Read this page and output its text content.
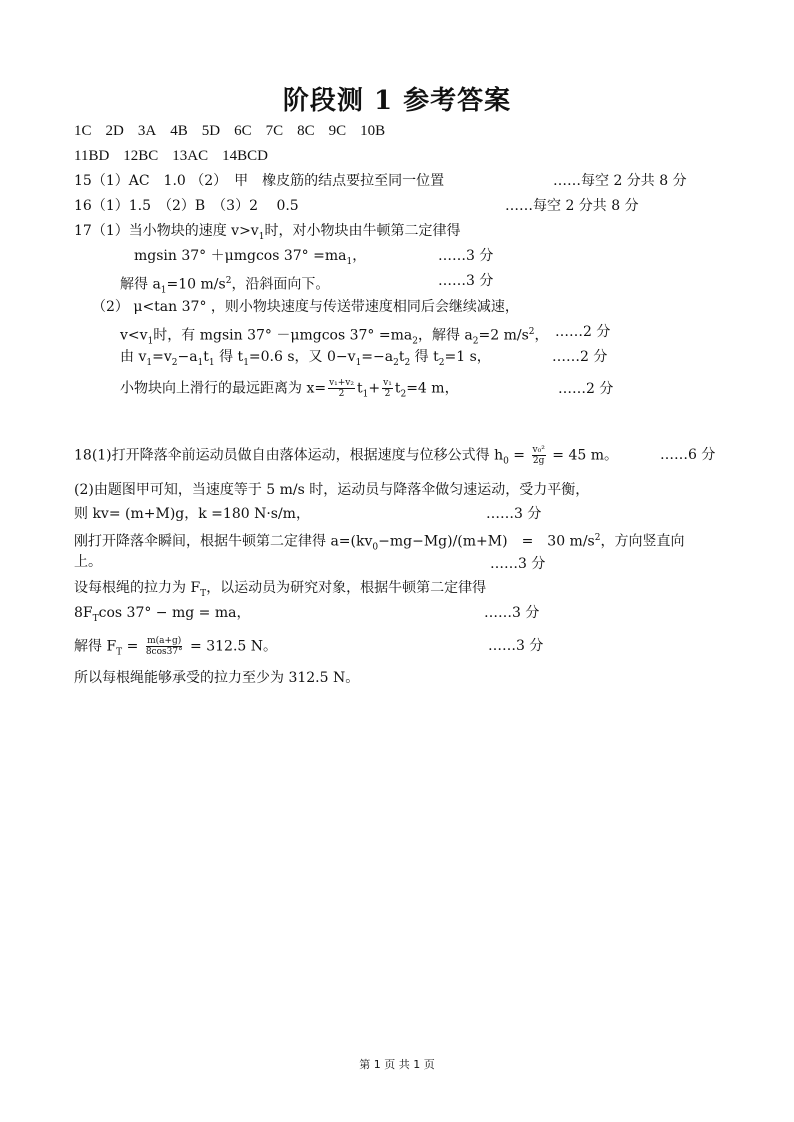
阶段测 1 参考答案
1C 2D 3A 4B 5D 6C 7C 8C 9C 10B
11BD 12BC 13AC 14BCD
15（1）AC　1.0 （2）　甲　橡皮筋的结点要拉至同一位置	……每空 2 分共 8 分
16（1）1.5　（2）B　（3）2　 0.5	……每空 2 分共 8 分
17（1）当小物块的速度 $v>v_1$时，对小物块由牛顿第二定律得
mgsin 37° ＋μmgcos $37^\circ =ma_1$，	……3 分
解得 $a_1=10$ $m/s^2$，沿斜面向下。	……3 分
（2） μ<tan 37° ，则小物块速度与传送带速度相同后会继续减速，
$v<v_1$时，有 mgsin 37° －μmgcos $37^\circ =ma_2$，解得 $a_2=2$ $m/s^2$， ……2 分
由 $v_1=v_2-a_1t_1$ 得 $t_1=0.6$ s，又 $0-v_1=-a_2t_2$ 得 $t_2=1$ s，	……2 分
小物块向上滑行的最远距离为 $x= \frac{\text{v₁+v₂}}{2} t_1+ \frac{\text{v₁}}{2} t_2=4$ m，	……2 分
18(1)打开降落伞前运动员做自由落体运动，根据速度与位移公式得 $h_0 = \frac{\text{v₀²}}{2g} = 45$ m。	……6 分
(2)由题图甲可知，当速度等于 5 m/s 时，运动员与降落伞做匀速运动，受力平衡，
则 kv= (m+M)g，k =180 N·s/m，	……3 分
刚打开降落伞瞬间，根据牛顿第二定律得 $a=(kv_0-mg-Mg)/(m+M)$　=　30 $m/s^2$，方向竖直向
上。	……3 分
设每根绳的拉力为 $F_T$，以运动员为研究对象，根据牛顿第二定律得
$8F_T\cos$ 37° − mg = ma，	……3 分
解得 $F_T = \frac{m(a+g)}{8\cos 37^\circ} = 312.5$ N。	……3 分
所以每根绳能够承受的拉力至少为 312.5 N。
第 1 页 共 1 页
